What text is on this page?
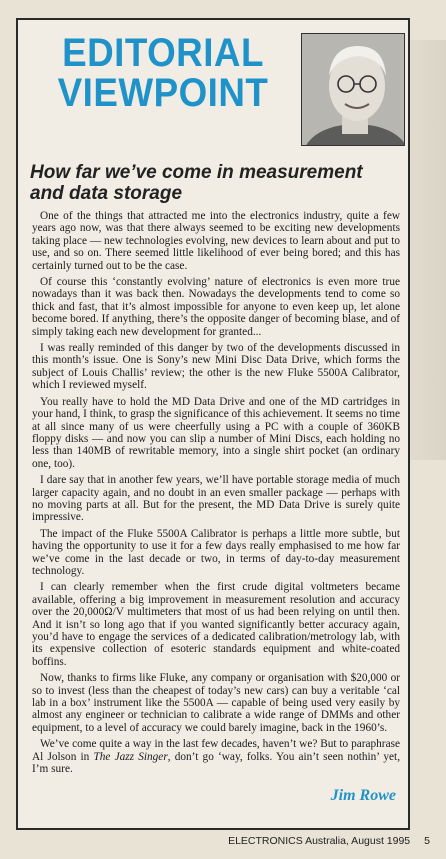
EDITORIAL
VIEWPOINT
How far we’ve come in measurement and data storage

One of the things that attracted me into the electronics industry, quite a few years ago now, was that there always seemed to be exciting new developments taking place — new technologies evolving, new devices to learn about and put to use, and so on. There seemed little likelihood of ever being bored; and this has certainly turned out to be the case.

Of course this ‘constantly evolving’ nature of electronics is even more true nowadays than it was back then. Nowadays the developments tend to come so thick and fast, that it’s almost impossible for anyone to even keep up, let alone become bored. If anything, there’s the opposite danger of becoming blase, and of simply taking each new development for granted...

I was really reminded of this danger by two of the developments discussed in this month’s issue. One is Sony’s new Mini Disc Data Drive, which forms the subject of Louis Challis’ review; the other is the new Fluke 5500A Calibrator, which I reviewed myself.

You really have to hold the MD Data Drive and one of the MD cartridges in your hand, I think, to grasp the significance of this achievement. It seems no time at all since many of us were cheerfully using a PC with a couple of 360KB floppy disks — and now you can slip a number of Mini Discs, each holding no less than 140MB of rewritable memory, into a single shirt pocket (an ordinary one, too).

I dare say that in another few years, we’ll have portable storage media of much larger capacity again, and no doubt in an even smaller package — perhaps with no moving parts at all. But for the present, the MD Data Drive is surely quite impressive.

The impact of the Fluke 5500A Calibrator is perhaps a little more subtle, but having the opportunity to use it for a few days really emphasised to me how far we’ve come in the last decade or two, in terms of day-to-day measurement technology.

I can clearly remember when the first crude digital voltmeters became available, offering a big improvement in measurement resolution and accuracy over the 20,000Ω/V multimeters that most of us had been relying on until then. And it isn’t so long ago that if you wanted significantly better accuracy again, you’d have to engage the services of a dedicated calibration/metrology lab, with its expensive collection of esoteric standards equipment and white-coated boffins.

Now, thanks to firms like Fluke, any company or organisation with $20,000 or so to invest (less than the cheapest of today’s new cars) can buy a veritable ‘cal lab in a box’ instrument like the 5500A — capable of being used very easily by almost any engineer or technician to calibrate a wide range of DMMs and other equipment, to a level of accuracy we could barely imagine, back in the 1960’s.

We’ve come quite a way in the last few decades, haven’t we? But to paraphrase Al Jolson in The Jazz Singer, don’t go ‘way, folks. You ain’t seen nothin’ yet, I’m sure.

Jim Rowe
ELECTRONICS Australia, August 1995 5
